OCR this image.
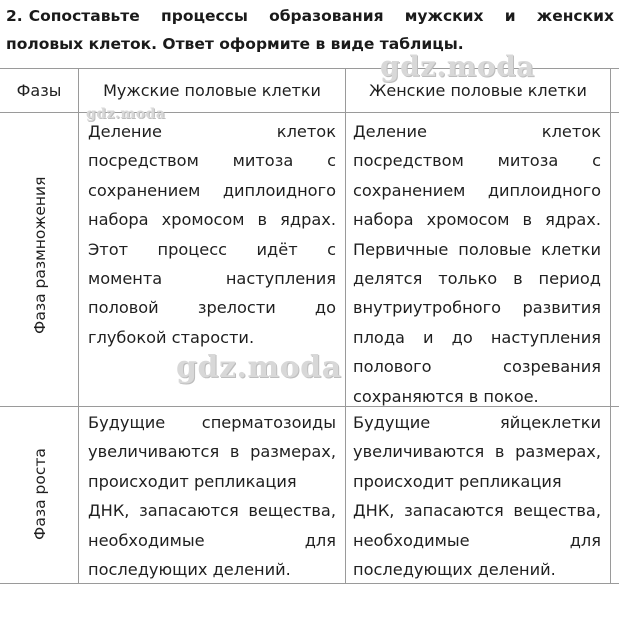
2. Сопоставьте процессы образования мужских и женских половых клеток. Ответ оформите в виде таблицы.
Фазы	Мужские половые клетки	Женские половые клетки
Фаза размножения
Деление клеток
посредством митоза с
сохранением диплоидного
набора хромосом в ядрах.
Этот процесс идёт с
момента наступления
половой зрелости до
глубокой старости.
Деление клеток
посредством митоза с
сохранением диплоидного
набора хромосом в ядрах.
Первичные половые клетки
делятся только в период
внутриутробного развития
плода и до наступления
полового созревания
сохраняются в покое.
Фаза роста
Будущие сперматозоиды
увеличиваются в размерах,
происходит репликация
ДНК, запасаются вещества,
необходимые для
последующих делений.
Будущие яйцеклетки
увеличиваются в размерах,
происходит репликация
ДНК, запасаются вещества,
необходимые для
последующих делений.
gdz.moda
gdz.moda
gdz.moda
